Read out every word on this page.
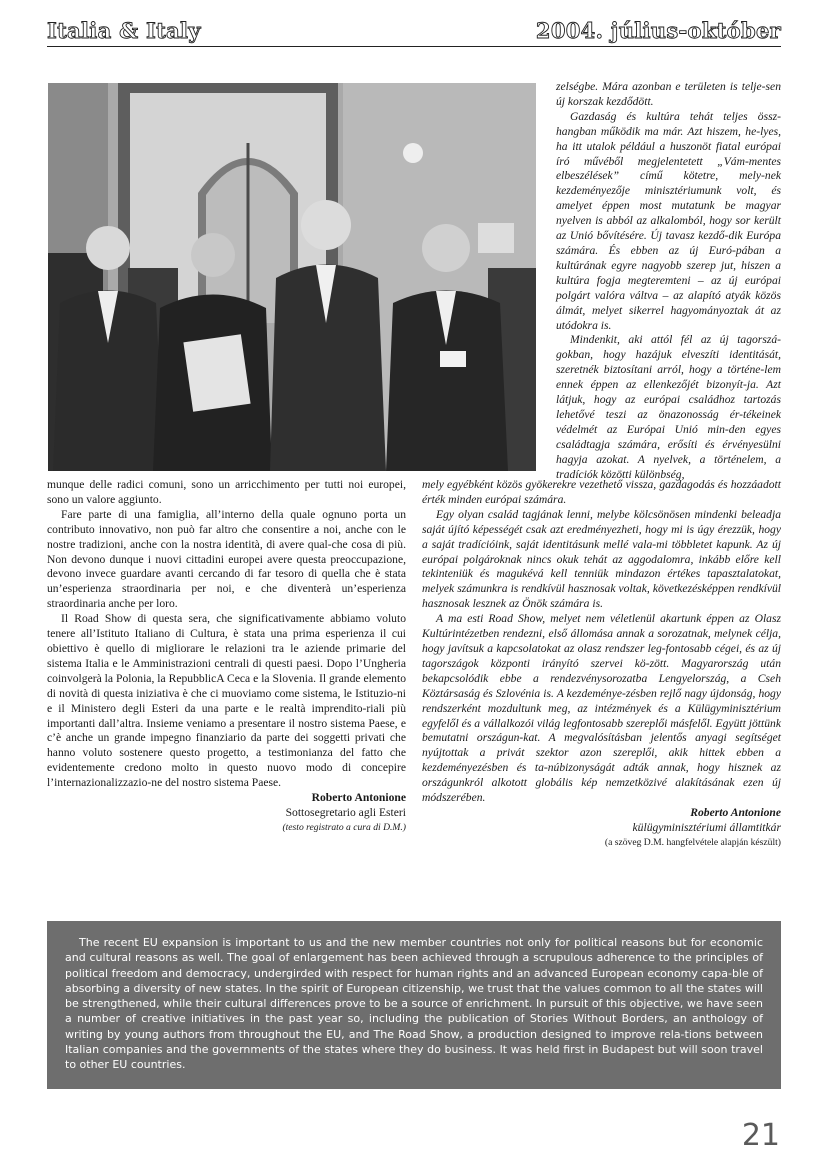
Italia & Italy	2004. július-október

zelségbe. Mára azonban e területen is telje-sen új korszak kezdődött.

Gazdaság és kultúra tehát teljes össz-hangban működik ma már. Azt hiszem, he-lyes, ha itt utalok például a huszonöt fiatal európai író művéből megjelentetett „Vám-mentes elbeszélések” című kötetre, mely-nek kezdeményezője minisztériumunk volt, és amelyet éppen most mutatunk be magyar nyelven is abból az alkalomból, hogy sor került az Unió bővítésére. Új tavasz kezdő-dik Európa számára. És ebben az új Euró-pában a kultúrának egyre nagyobb szerep jut, hiszen a kultúra fogja megteremteni – az új európai polgárt valóra váltva – az alapító atyák közös álmát, melyet sikerrel hagyományoztak át az utódokra is.

Mindenkit, aki attól fél az új tagorszá-gokban, hogy hazájuk elveszíti identitását, szeretnék biztosítani arról, hogy a történe-lem ennek éppen az ellenkezőjét bizonyít-ja. Azt látjuk, hogy az európai családhoz tartozás lehetővé teszi az önazonosság ér-tékeinek védelmét az Európai Unió min-den egyes családtagja számára, erősíti és érvényesülni hagyja azokat. A nyelvek, a történelem, a tradíciók közötti különbség,

munque delle radici comuni, sono un arricchimento per tutti noi europei, sono un valore aggiunto.

Fare parte di una famiglia, all’interno della quale ognuno porta un contributo innovativo, non può far altro che consentire a noi, anche con le nostre tradizioni, anche con la nostra identità, di avere qual-che cosa di più. Non devono dunque i nuovi cittadini europei avere questa preoccupazione, devono invece guardare avanti cercando di far tesoro di quella che è stata un’esperienza straordinaria per noi, e che diventerà un’esperienza straordinaria anche per loro.

Il Road Show di questa sera, che significativamente abbiamo voluto tenere all’Istituto Italiano di Cultura, è stata una prima esperienza il cui obiettivo è quello di migliorare le relazioni tra le aziende primarie del sistema Italia e le Amministrazioni centrali di questi paesi. Dopo l’Ungheria coinvolgerà la Polonia, la RepubblicA Ceca e la Slovenia. Il grande elemento di novità di questa iniziativa è che ci muoviamo come sistema, le Istituzio-ni e il Ministero degli Esteri da una parte e le realtà imprendito-riali più importanti dall’altra. Insieme veniamo a presentare il nostro sistema Paese, e c’è anche un grande impegno finanziario da parte dei soggetti privati che hanno voluto sostenere questo progetto, a testimonianza del fatto che evidentemente credono molto in questo nuovo modo di concepire l’internazionalizzazio-ne del nostro sistema Paese.

Roberto Antonione

Sottosegretario agli Esteri

(testo registrato a cura di D.M.)

mely egyébként közös gyökerekre vezethető vissza, gazdagodás és hozzáadott érték minden európai számára.

Egy olyan család tagjának lenni, melybe kölcsönösen mindenki beleadja saját újító képességét csak azt eredményezheti, hogy mi is úgy érezzük, hogy a saját tradícióink, saját identitásunk mellé vala-mi többletet kapunk. Az új európai polgároknak nincs okuk tehát az aggodalomra, inkább előre kell tekinteniük és magukévá kell tenniük mindazon értékes tapasztalatokat, melyek számunkra is rendkívül hasznosak voltak, következésképpen rendkívül hasznosak lesznek az Önök számára is.

A ma esti Road Show, melyet nem véletlenül akartunk éppen az Olasz Kultúrintézetben rendezni, első állomása annak a sorozatnak, melynek célja, hogy javítsuk a kapcsolatokat az olasz rendszer leg-fontosabb cégei, és az új tagországok központi irányító szervei kö-zött. Magyarország után bekapcsolódik ebbe a rendezvénysorozatba Lengyelország, a Cseh Köztársaság és Szlovénia is. A kezdeménye-zésben rejlő nagy újdonság, hogy rendszerként mozdultunk meg, az intézmények és a Külügyminisztérium egyfelől és a vállalkozói világ legfontosabb szereplői másfelől. Együtt jöttünk bemutatni országun-kat. A megvalósításban jelentős anyagi segítséget nyújtottak a privát szektor azon szereplői, akik hittek ebben a kezdeményezésben és ta-núbizonyságát adták annak, hogy hisznek az országunkról alkotott globális kép nemzetközivé alakításának ezen új módszerében.

Roberto Antonione

külügyminisztériumi államtitkár

(a szöveg D.M. hangfelvétele alapján készült)

The recent EU expansion is important to us and the new member countries not only for political reasons but for economic and cultural reasons as well. The goal of enlargement has been achieved through a scrupulous adherence to the principles of political freedom and democracy, undergirded with respect for human rights and an advanced European economy capa-ble of absorbing a diversity of new states. In the spirit of European citizenship, we trust that the values common to all the states will be strengthened, while their cultural differences prove to be a source of enrichment. In pursuit of this objective, we have seen a number of creative initiatives in the past year so, including the publication of Stories Without Borders, an anthology of writing by young authors from throughout the EU, and The Road Show, a production designed to improve rela-tions between Italian companies and the governments of the states where they do business. It was held first in Budapest but will soon travel to other EU countries.
21
